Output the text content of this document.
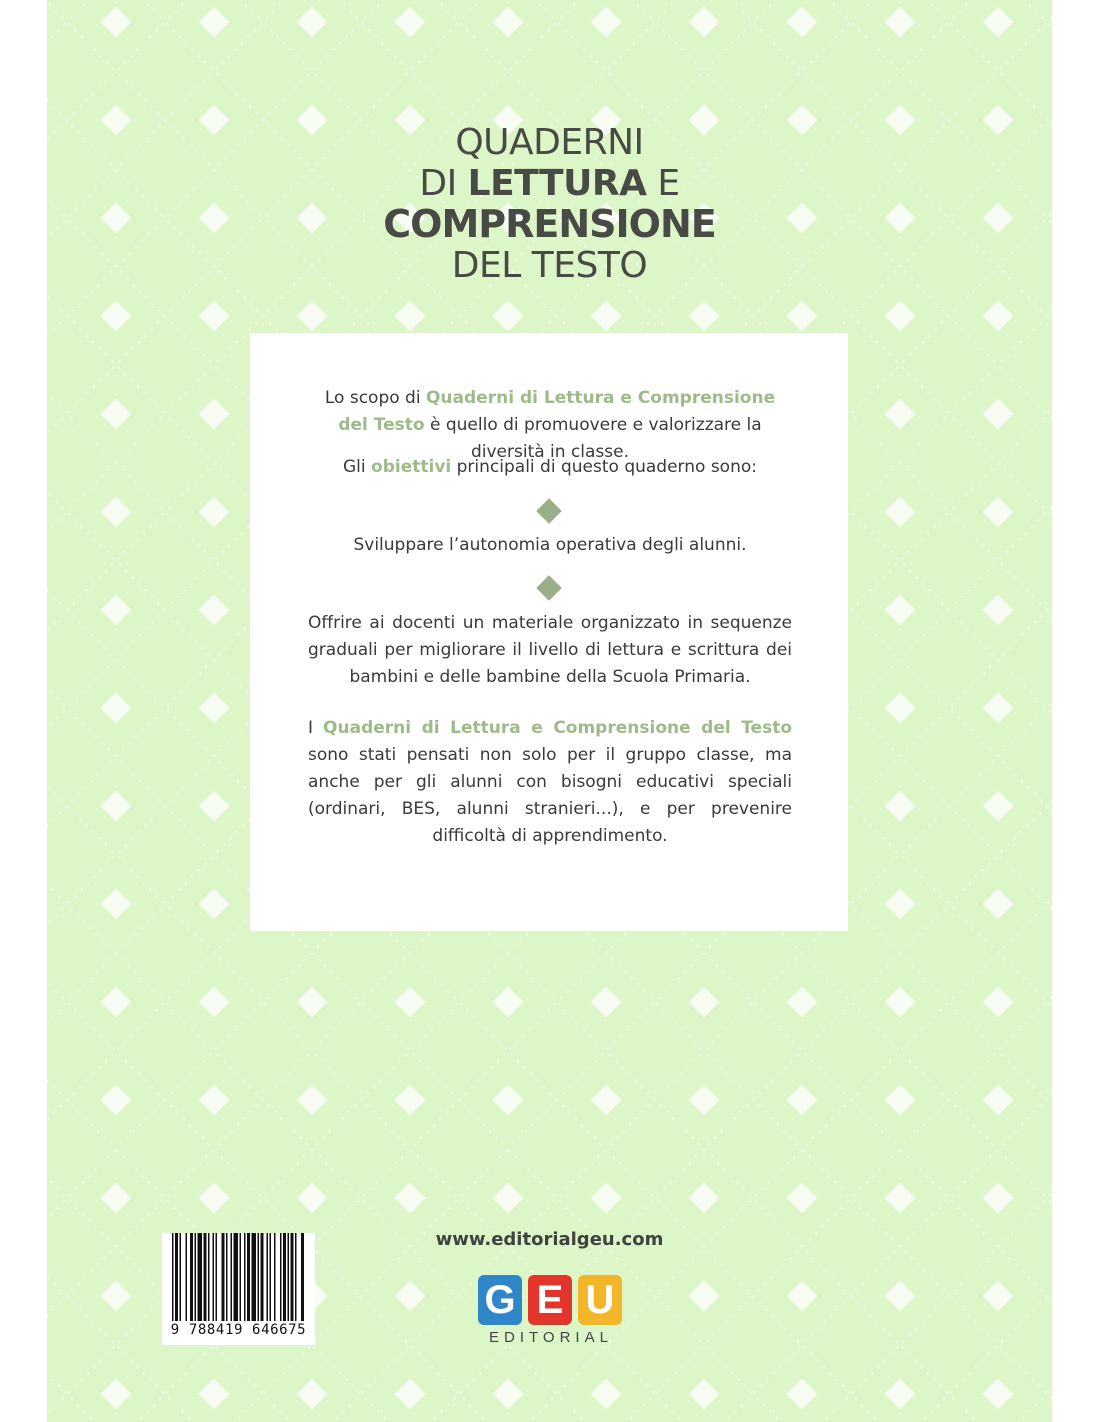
QUADERNI
DI LETTURA E
COMPRENSIONE
DEL TESTO
Lo scopo di Quaderni di Lettura e Comprensione del Testo è quello di promuovere e valorizzare la diversità in classe.
Gli obiettivi principali di questo quaderno sono:
Sviluppare l’autonomia operativa degli alunni.
Offrire ai docenti un materiale organizzato in sequenze graduali per migliorare il livello di lettura e scrittura dei bambini e delle bambine della Scuola Primaria.
I Quaderni di Lettura e Comprensione del Testo sono stati pensati non solo per il gruppo classe, ma anche per gli alunni con bisogni educativi speciali (ordinari, BES, alunni stranieri...), e per prevenire difficoltà di apprendimento.
9 788419 646675
www.editorialgeu.com
G E U
EDITORIAL
